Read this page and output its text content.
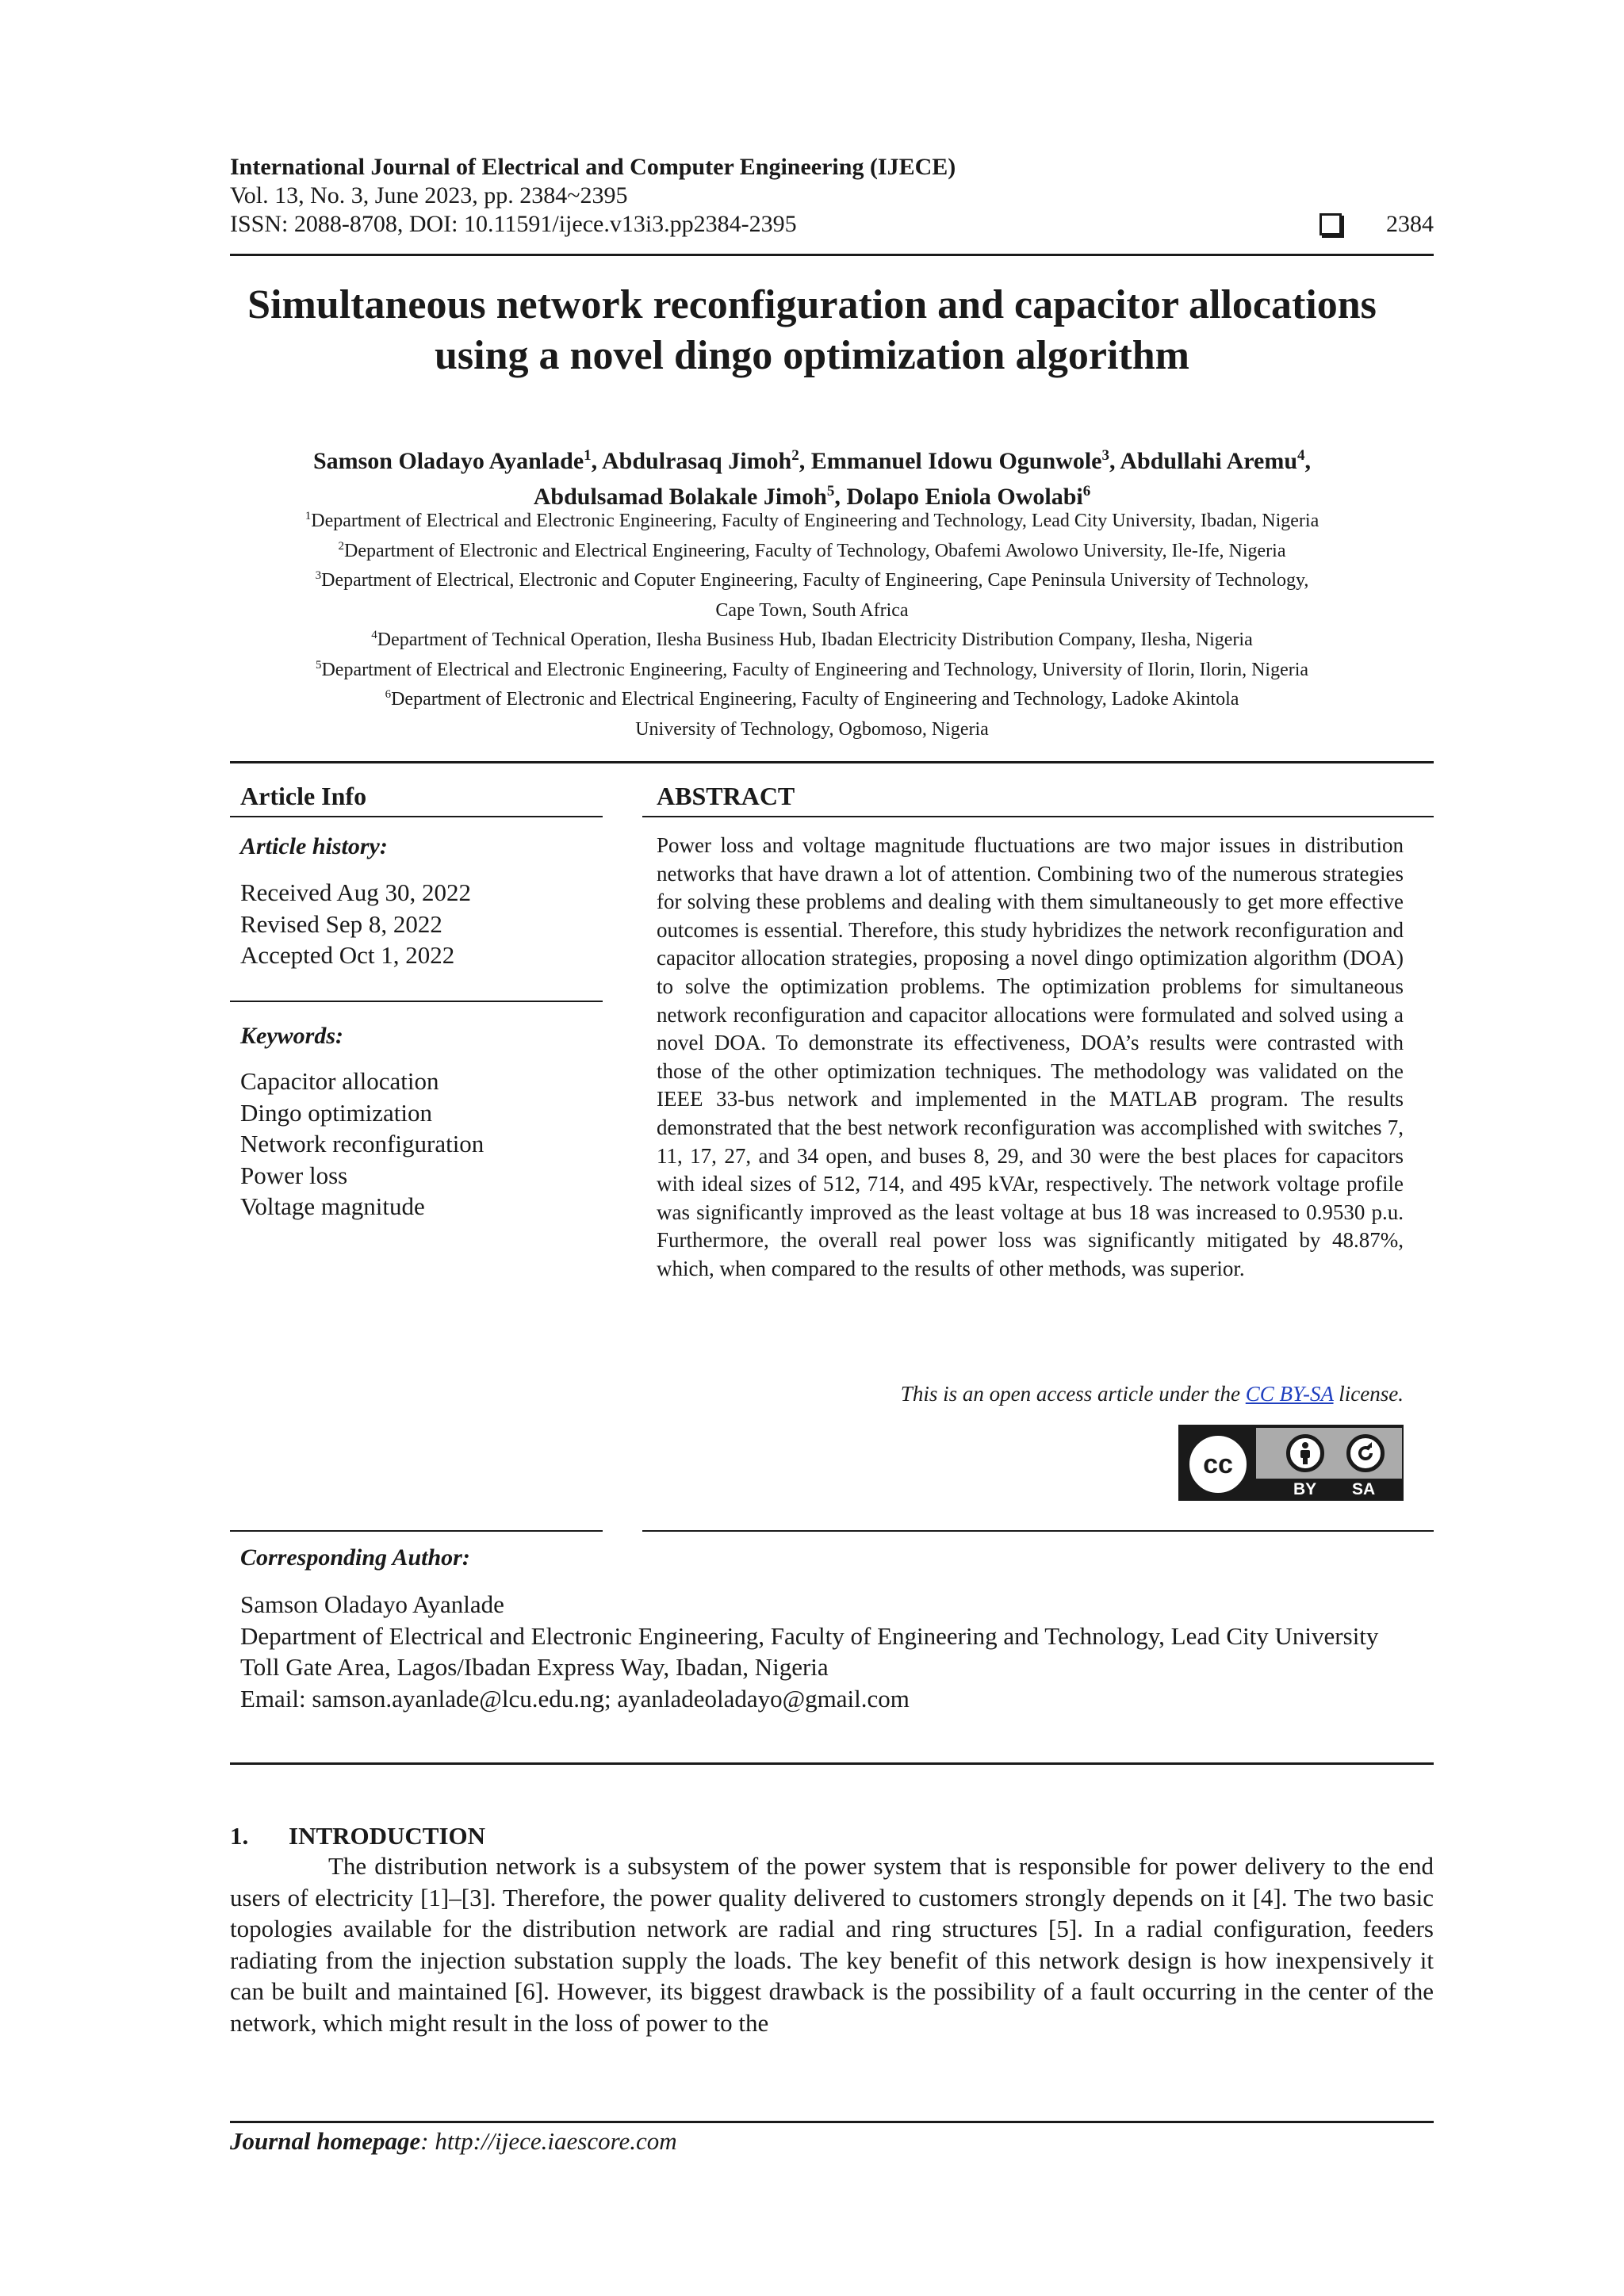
International Journal of Electrical and Computer Engineering (IJECE)
Vol. 13, No. 3, June 2023, pp. 2384~2395
ISSN: 2088-8708, DOI: 10.11591/ijece.v13i3.pp2384-2395	2384
Simultaneous network reconfiguration and capacitor allocations
using a novel dingo optimization algorithm
Samson Oladayo Ayanlade$^1$, Abdulrasaq Jimoh$^2$, Emmanuel Idowu Ogunwole$^3$, Abdullahi Aremu$^4$,
Abdulsamad Bolakale Jimoh$^5$, Dolapo Eniola Owolabi$^6$
$^1$Department of Electrical and Electronic Engineering, Faculty of Engineering and Technology, Lead City University, Ibadan, Nigeria
$^2$Department of Electronic and Electrical Engineering, Faculty of Technology, Obafemi Awolowo University, Ile-Ife, Nigeria
$^3$Department of Electrical, Electronic and Coputer Engineering, Faculty of Engineering, Cape Peninsula University of Technology,
Cape Town, South Africa
$^4$Department of Technical Operation, Ilesha Business Hub, Ibadan Electricity Distribution Company, Ilesha, Nigeria
$^5$Department of Electrical and Electronic Engineering, Faculty of Engineering and Technology, University of Ilorin, Ilorin, Nigeria
$^6$Department of Electronic and Electrical Engineering, Faculty of Engineering and Technology, Ladoke Akintola
University of Technology, Ogbomoso, Nigeria
Article Info	ABSTRACT
Article history:
Received Aug 30, 2022
Revised Sep 8, 2022
Accepted Oct 1, 2022
Keywords:
Capacitor allocation
Dingo optimization
Network reconfiguration
Power loss
Voltage magnitude
Power loss and voltage magnitude fluctuations are two major issues in distribution networks that have drawn a lot of attention. Combining two of the numerous strategies for solving these problems and dealing with them simultaneously to get more effective outcomes is essential. Therefore, this study hybridizes the network reconfiguration and capacitor allocation strategies, proposing a novel dingo optimization algorithm (DOA) to solve the optimization problems. The optimization problems for simultaneous network reconfiguration and capacitor allocations were formulated and solved using a novel DOA. To demonstrate its effectiveness, DOA’s results were contrasted with those of the other optimization techniques. The methodology was validated on the IEEE 33-bus network and implemented in the MATLAB program. The results demonstrated that the best network reconfiguration was accomplished with switches 7, 11, 17, 27, and 34 open, and buses 8, 29, and 30 were the best places for capacitors with ideal sizes of 512, 714, and 495 kVAr, respectively. The network voltage profile was significantly improved as the least voltage at bus 18 was increased to 0.9530 p.u. Furthermore, the overall real power loss was significantly mitigated by 48.87%, which, when compared to the results of other methods, was superior.
This is an open access article under the CC BY-SA license.
cc
BY SA
Corresponding Author:
Samson Oladayo Ayanlade
Department of Electrical and Electronic Engineering, Faculty of Engineering and Technology, Lead City University
Toll Gate Area, Lagos/Ibadan Express Way, Ibadan, Nigeria
Email: samson.ayanlade@lcu.edu.ng; ayanladeoladayo@gmail.com
1. INTRODUCTION
The distribution network is a subsystem of the power system that is responsible for power delivery to the end users of electricity [1]–[3]. Therefore, the power quality delivered to customers strongly depends on it [4]. The two basic topologies available for the distribution network are radial and ring structures [5]. In a radial configuration, feeders radiating from the injection substation supply the loads. The key benefit of this network design is how inexpensively it can be built and maintained [6]. However, its biggest drawback is the possibility of a fault occurring in the center of the network, which might result in the loss of power to the
Journal homepage: http://ijece.iaescore.com
